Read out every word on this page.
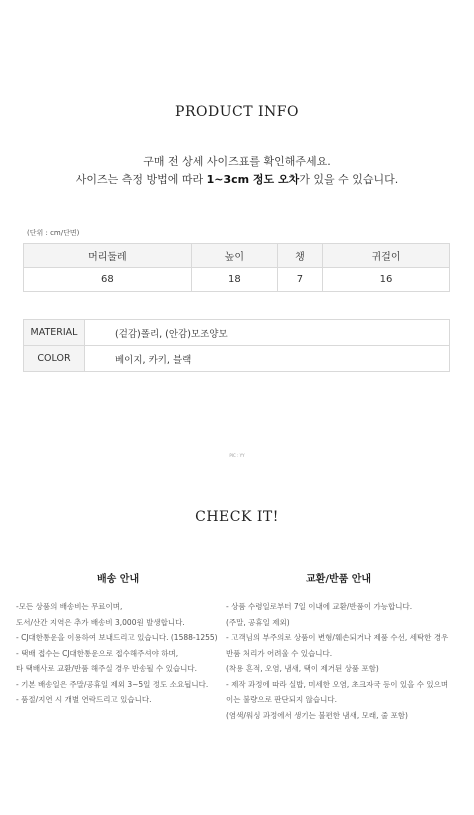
PRODUCT INFO
구매 전 상세 사이즈표를 확인해주세요.
사이즈는 측정 방법에 따라 1~3cm 정도 오차가 있을 수 있습니다.
(단위 : cm/단면)
머리둘레	높이	챙	귀걸이
68	18	7	16
MATERIAL	(겉감)폴리, (안감)모조양모
COLOR	베이지, 카키, 블랙
PIC : YY
CHECK IT!
배송 안내	교환/반품 안내
-모든 상품의 배송비는 무료이며,
도서/산간 지역은 추가 배송비 3,000원 발생합니다.
- CJ대한통운을 이용하여 보내드리고 있습니다. (1588-1255)
- 택배 접수는 CJ대한통운으로 접수해주셔야 하며,
타 택배사로 교환/반품 해주실 경우 반송될 수 있습니다.
- 기본 배송일은 주말/공휴일 제외 3~5일 정도 소요됩니다.
- 품절/지연 시 개별 연락드리고 있습니다.
- 상품 수령일로부터 7일 이내에 교환/반품이 가능합니다.
(주말, 공휴일 제외)
- 고객님의 부주의로 상품이 변형/훼손되거나 제품 수선, 세탁한 경우
반품 처리가 어려울 수 있습니다.
(착용 흔적, 오염, 냄새, 택이 제거된 상품 포함)
- 제작 과정에 따라 실밥, 미세한 오염, 초크자국 등이 있을 수 있으며
이는 불량으로 판단되지 않습니다.
(염색/워싱 과정에서 생기는 불편한 냄새, 모래, 줄 포함)
